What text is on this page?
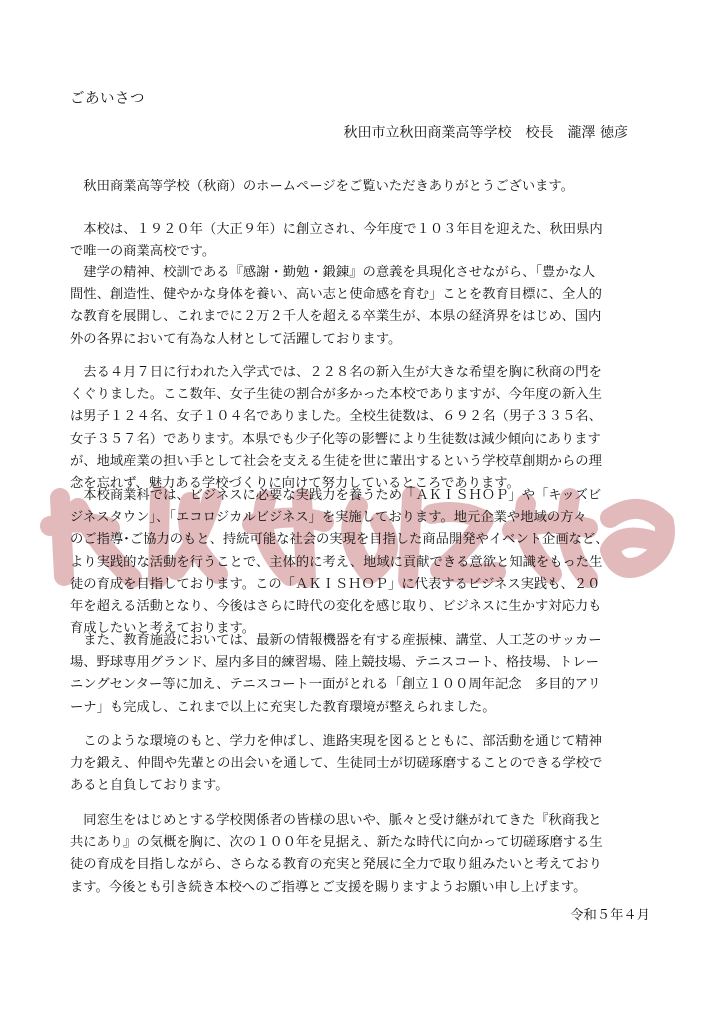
ごあいさつ
秋田市立秋田商業高等学校　校長　瀧澤 徳彦
　秋田商業高等学校（秋商）のホームページをご覧いただきありがとうございます。
　本校は、１９２０年（大正９年）に創立され、今年度で１０３年目を迎えた、秋田県内
で唯一の商業高校です。
　建学の精神、校訓である『感謝・勤勉・鍛錬』の意義を具現化させながら、「豊かな人
間性、創造性、健やかな身体を養い、高い志と使命感を育む」ことを教育目標に、全人的
な教育を展開し、これまでに２万２千人を超える卒業生が、本県の経済界をはじめ、国内
外の各界において有為な人材として活躍しております。
　去る４月７日に行われた入学式では、２２８名の新入生が大きな希望を胸に秋商の門を
くぐりました。ここ数年、女子生徒の割合が多かった本校でありますが、今年度の新入生
は男子１２４名、女子１０４名でありました。全校生徒数は、６９２名（男子３３５名、
女子３５７名）であります。本県でも少子化等の影響により生徒数は減少傾向にあります
が、地域産業の担い手として社会を支える生徒を世に輩出するという学校草創期からの理
念を忘れず、魅力ある学校づくりに向けて努力しているところであります。
　本校商業科では、ビジネスに必要な実践力を養うため「ＡＫＩＳＨＯＰ」や「キッズビ
ジネスタウン」、「エコロジカルビジネス」を実施しております。地元企業や地域の方々
のご指導･ご協力のもと、持続可能な社会の実現を目指した商品開発やイベント企画など、
より実践的な活動を行うことで、主体的に考え、地域に貢献できる意欲と知識をもった生
徒の育成を目指しております。この「ＡＫＩＳＨＯＰ」に代表するビジネス実践も、２０
年を超える活動となり、今後はさらに時代の変化を感じ取り、ビジネスに生かす対応力も
育成したいと考えております。
　また、教育施設においては、最新の情報機器を有する産振棟、講堂、人工芝のサッカー
場、野球専用グランド、屋内多目的練習場、陸上競技場、テニスコート、格技場、トレー
ニングセンター等に加え、テニスコート一面がとれる「創立１００周年記念　多目的アリ
ーナ」も完成し、これまで以上に充実した教育環境が整えられました。
　このような環境のもと、学力を伸ばし、進路実現を図るとともに、部活動を通じて精神
力を鍛え、仲間や先輩との出会いを通して、生徒同士が切磋琢磨することのできる学校で
あると自負しております。
　同窓生をはじめとする学校関係者の皆様の思いや、脈々と受け継がれてきた『秋商我と
共にあり』の気概を胸に、次の１００年を見据え、新たな時代に向かって切磋琢磨する生
徒の育成を目指しながら、さらなる教育の充実と発展に全力で取り組みたいと考えており
ます。今後とも引き続き本校へのご指導とご支援を賜りますようお願い申し上げます。
令和５年４月
